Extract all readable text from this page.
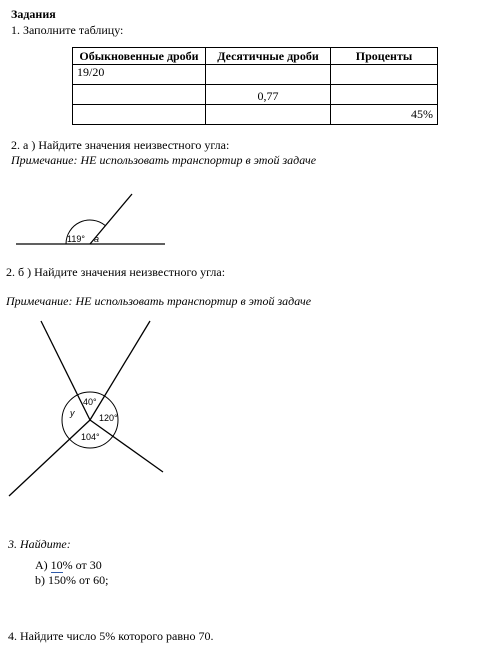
Задания
1. Заполните таблицу:
Обыкновенные дроби	Десятичные дроби	Проценты
19/20		
	0,77	
		45%
2. а ) Найдите значения неизвестного угла:
Примечание: НЕ использовать транспортир в этой задаче
119° a
2. б ) Найдите значения неизвестного угла:
Примечание: НЕ использовать транспортир в этой задаче
40°
120°
104°
y
3. Найдите:
A) 10% от 30
b) 150% от 60;
4. Найдите число 5% которого равно 70.
